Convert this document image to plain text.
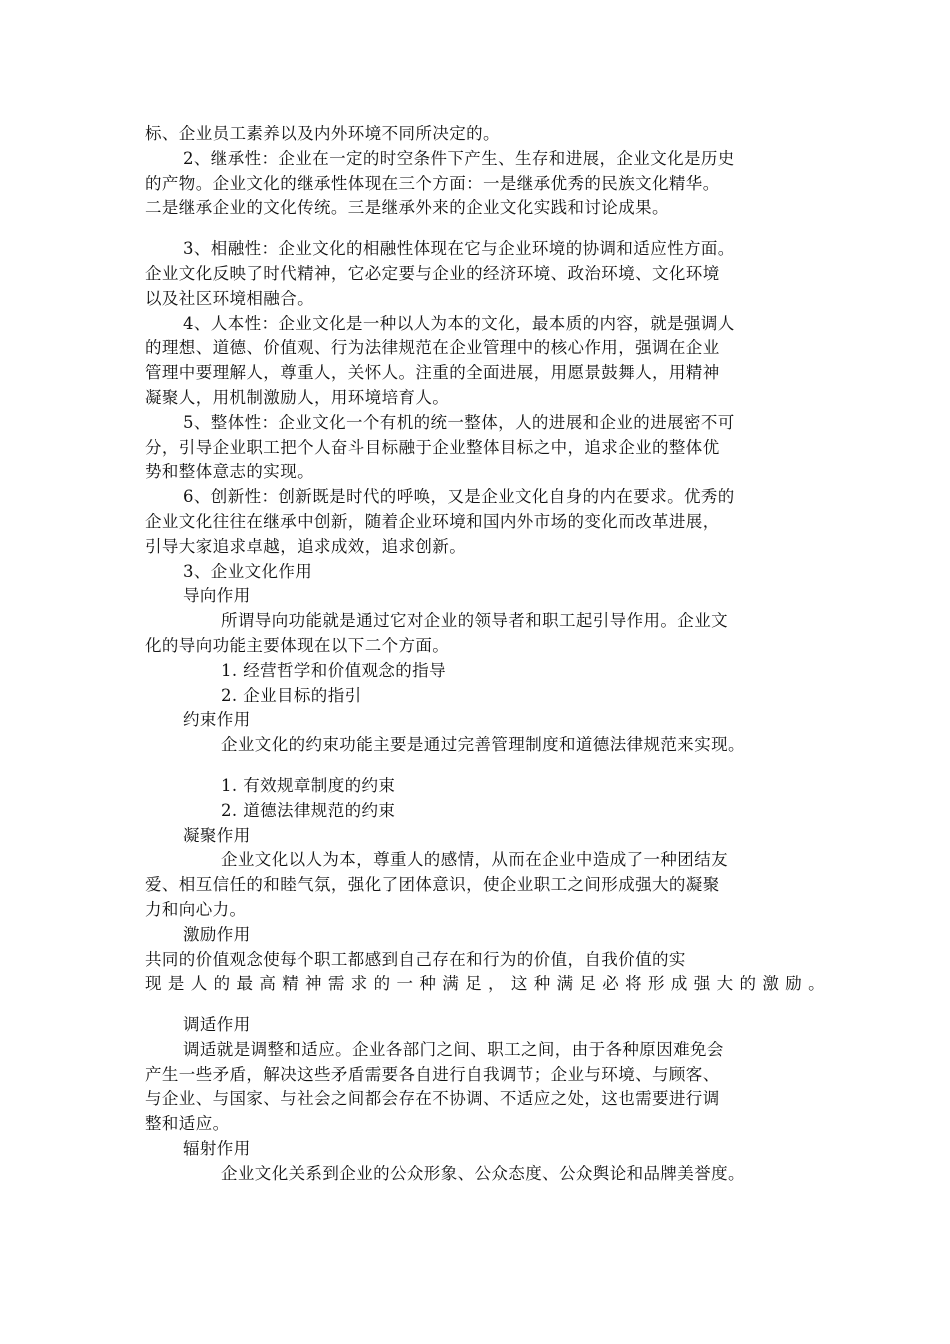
标、企业员工素养以及内外环境不同所决定的。
2、继承性：企业在一定的时空条件下产生、生存和进展，企业文化是历史
的产物。企业文化的继承性体现在三个方面：一是继承优秀的民族文化精华。
二是继承企业的文化传统。三是继承外来的企业文化实践和讨论成果。
3、相融性：企业文化的相融性体现在它与企业环境的协调和适应性方面。
企业文化反映了时代精神，它必定要与企业的经济环境、政治环境、文化环境
以及社区环境相融合。
4、人本性：企业文化是一种以人为本的文化，最本质的内容，就是强调人
的理想、道德、价值观、行为法律规范在企业管理中的核心作用，强调在企业
管理中要理解人，尊重人，关怀人。注重的全面进展，用愿景鼓舞人，用精神
凝聚人，用机制激励人，用环境培育人。
5、整体性：企业文化一个有机的统一整体，人的进展和企业的进展密不可
分，引导企业职工把个人奋斗目标融于企业整体目标之中，追求企业的整体优
势和整体意志的实现。
6、创新性：创新既是时代的呼唤，又是企业文化自身的内在要求。优秀的
企业文化往往在继承中创新，随着企业环境和国内外市场的变化而改革进展，
引导大家追求卓越，追求成效，追求创新。
3、企业文化作用
导向作用
所谓导向功能就是通过它对企业的领导者和职工起引导作用。企业文
化的导向功能主要体现在以下二个方面。
1. 经营哲学和价值观念的指导
2. 企业目标的指引
约束作用
企业文化的约束功能主要是通过完善管理制度和道德法律规范来实现。
1. 有效规章制度的约束
2. 道德法律规范的约束
凝聚作用
企业文化以人为本，尊重人的感情，从而在企业中造成了一种团结友
爱、相互信任的和睦气氛，强化了团体意识，使企业职工之间形成强大的凝聚
力和向心力。
激励作用
共同的价值观念使每个职工都感到自己存在和行为的价值，自我价值的实
现是人的最高精神需求的一种满足，这种满足必将形成强大的激励。
调适作用
调适就是调整和适应。企业各部门之间、职工之间，由于各种原因难免会
产生一些矛盾，解决这些矛盾需要各自进行自我调节；企业与环境、与顾客、
与企业、与国家、与社会之间都会存在不协调、不适应之处，这也需要进行调
整和适应。
辐射作用
企业文化关系到企业的公众形象、公众态度、公众舆论和品牌美誉度。
